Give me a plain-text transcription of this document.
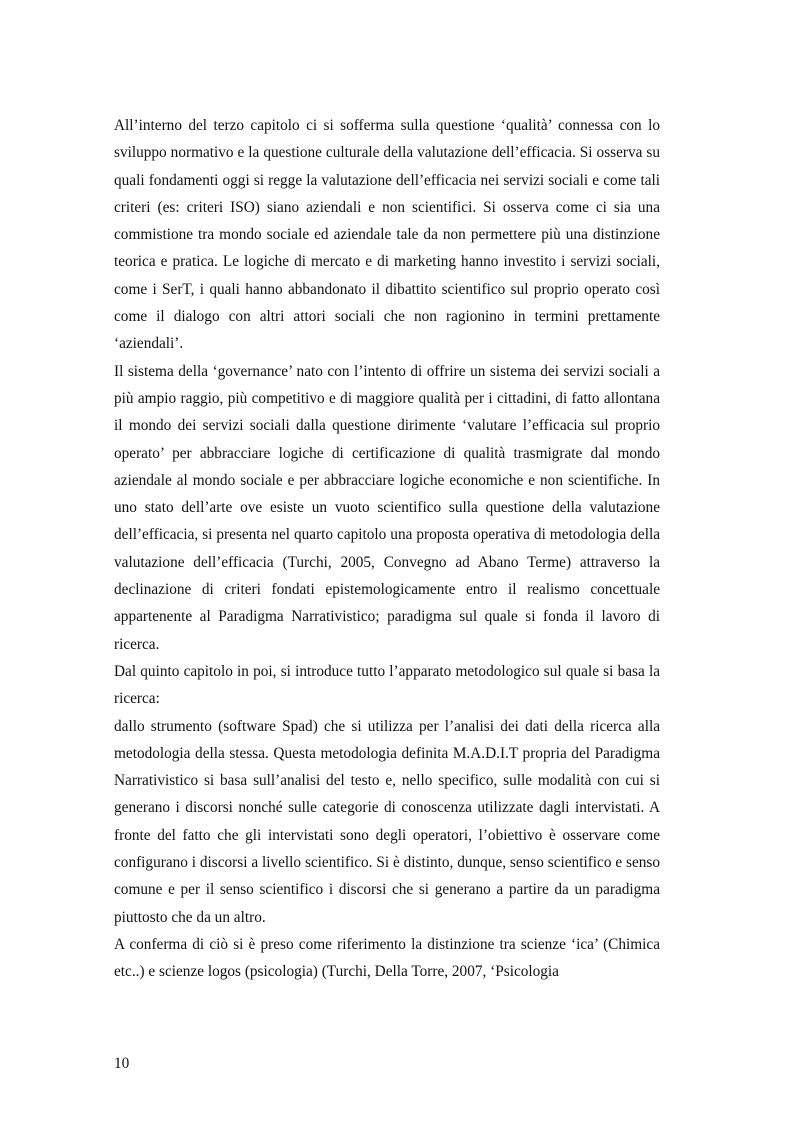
All’interno del terzo capitolo ci si sofferma sulla questione ‘qualità’ connessa con lo sviluppo normativo e la questione culturale della valutazione dell’efficacia. Si osserva su quali fondamenti oggi si regge la valutazione dell’efficacia nei servizi sociali e come tali criteri (es: criteri ISO) siano aziendali e non scientifici. Si osserva come ci sia una commistione tra mondo sociale ed aziendale tale da non permettere più una distinzione teorica e pratica. Le logiche di mercato e di marketing hanno investito i servizi sociali, come i SerT, i quali hanno abbandonato il dibattito scientifico sul proprio operato così come il dialogo con altri attori sociali che non ragionino in termini prettamente ‘aziendali’.

Il sistema della ‘governance’ nato con l’intento di offrire un sistema dei servizi sociali a più ampio raggio, più competitivo e di maggiore qualità per i cittadini, di fatto allontana il mondo dei servizi sociali dalla questione dirimente ‘valutare l’efficacia sul proprio operato’ per abbracciare logiche di certificazione di qualità trasmigrate dal mondo aziendale al mondo sociale e per abbracciare logiche economiche e non scientifiche. In uno stato dell’arte ove esiste un vuoto scientifico sulla questione della valutazione dell’efficacia, si presenta nel quarto capitolo una proposta operativa di metodologia della valutazione dell’efficacia (Turchi, 2005, Convegno ad Abano Terme) attraverso la declinazione di criteri fondati epistemologicamente entro il realismo concettuale appartenente al Paradigma Narrativistico; paradigma sul quale si fonda il lavoro di ricerca.

Dal quinto capitolo in poi, si introduce tutto l’apparato metodologico sul quale si basa la ricerca:

dallo strumento (software Spad) che si utilizza per l’analisi dei dati della ricerca alla metodologia della stessa. Questa metodologia definita M.A.D.I.T propria del Paradigma Narrativistico si basa sull’analisi del testo e, nello specifico, sulle modalità con cui si generano i discorsi nonché sulle categorie di conoscenza utilizzate dagli intervistati. A fronte del fatto che gli intervistati sono degli operatori, l’obiettivo è osservare come configurano i discorsi a livello scientifico. Si è distinto, dunque, senso scientifico e senso comune e per il senso scientifico i discorsi che si generano a partire da un paradigma piuttosto che da un altro.

A conferma di ciò si è preso come riferimento la distinzione tra scienze ‘ica’ (Chimica etc..) e scienze logos (psicologia) (Turchi, Della Torre, 2007, ‘Psicologia

10
